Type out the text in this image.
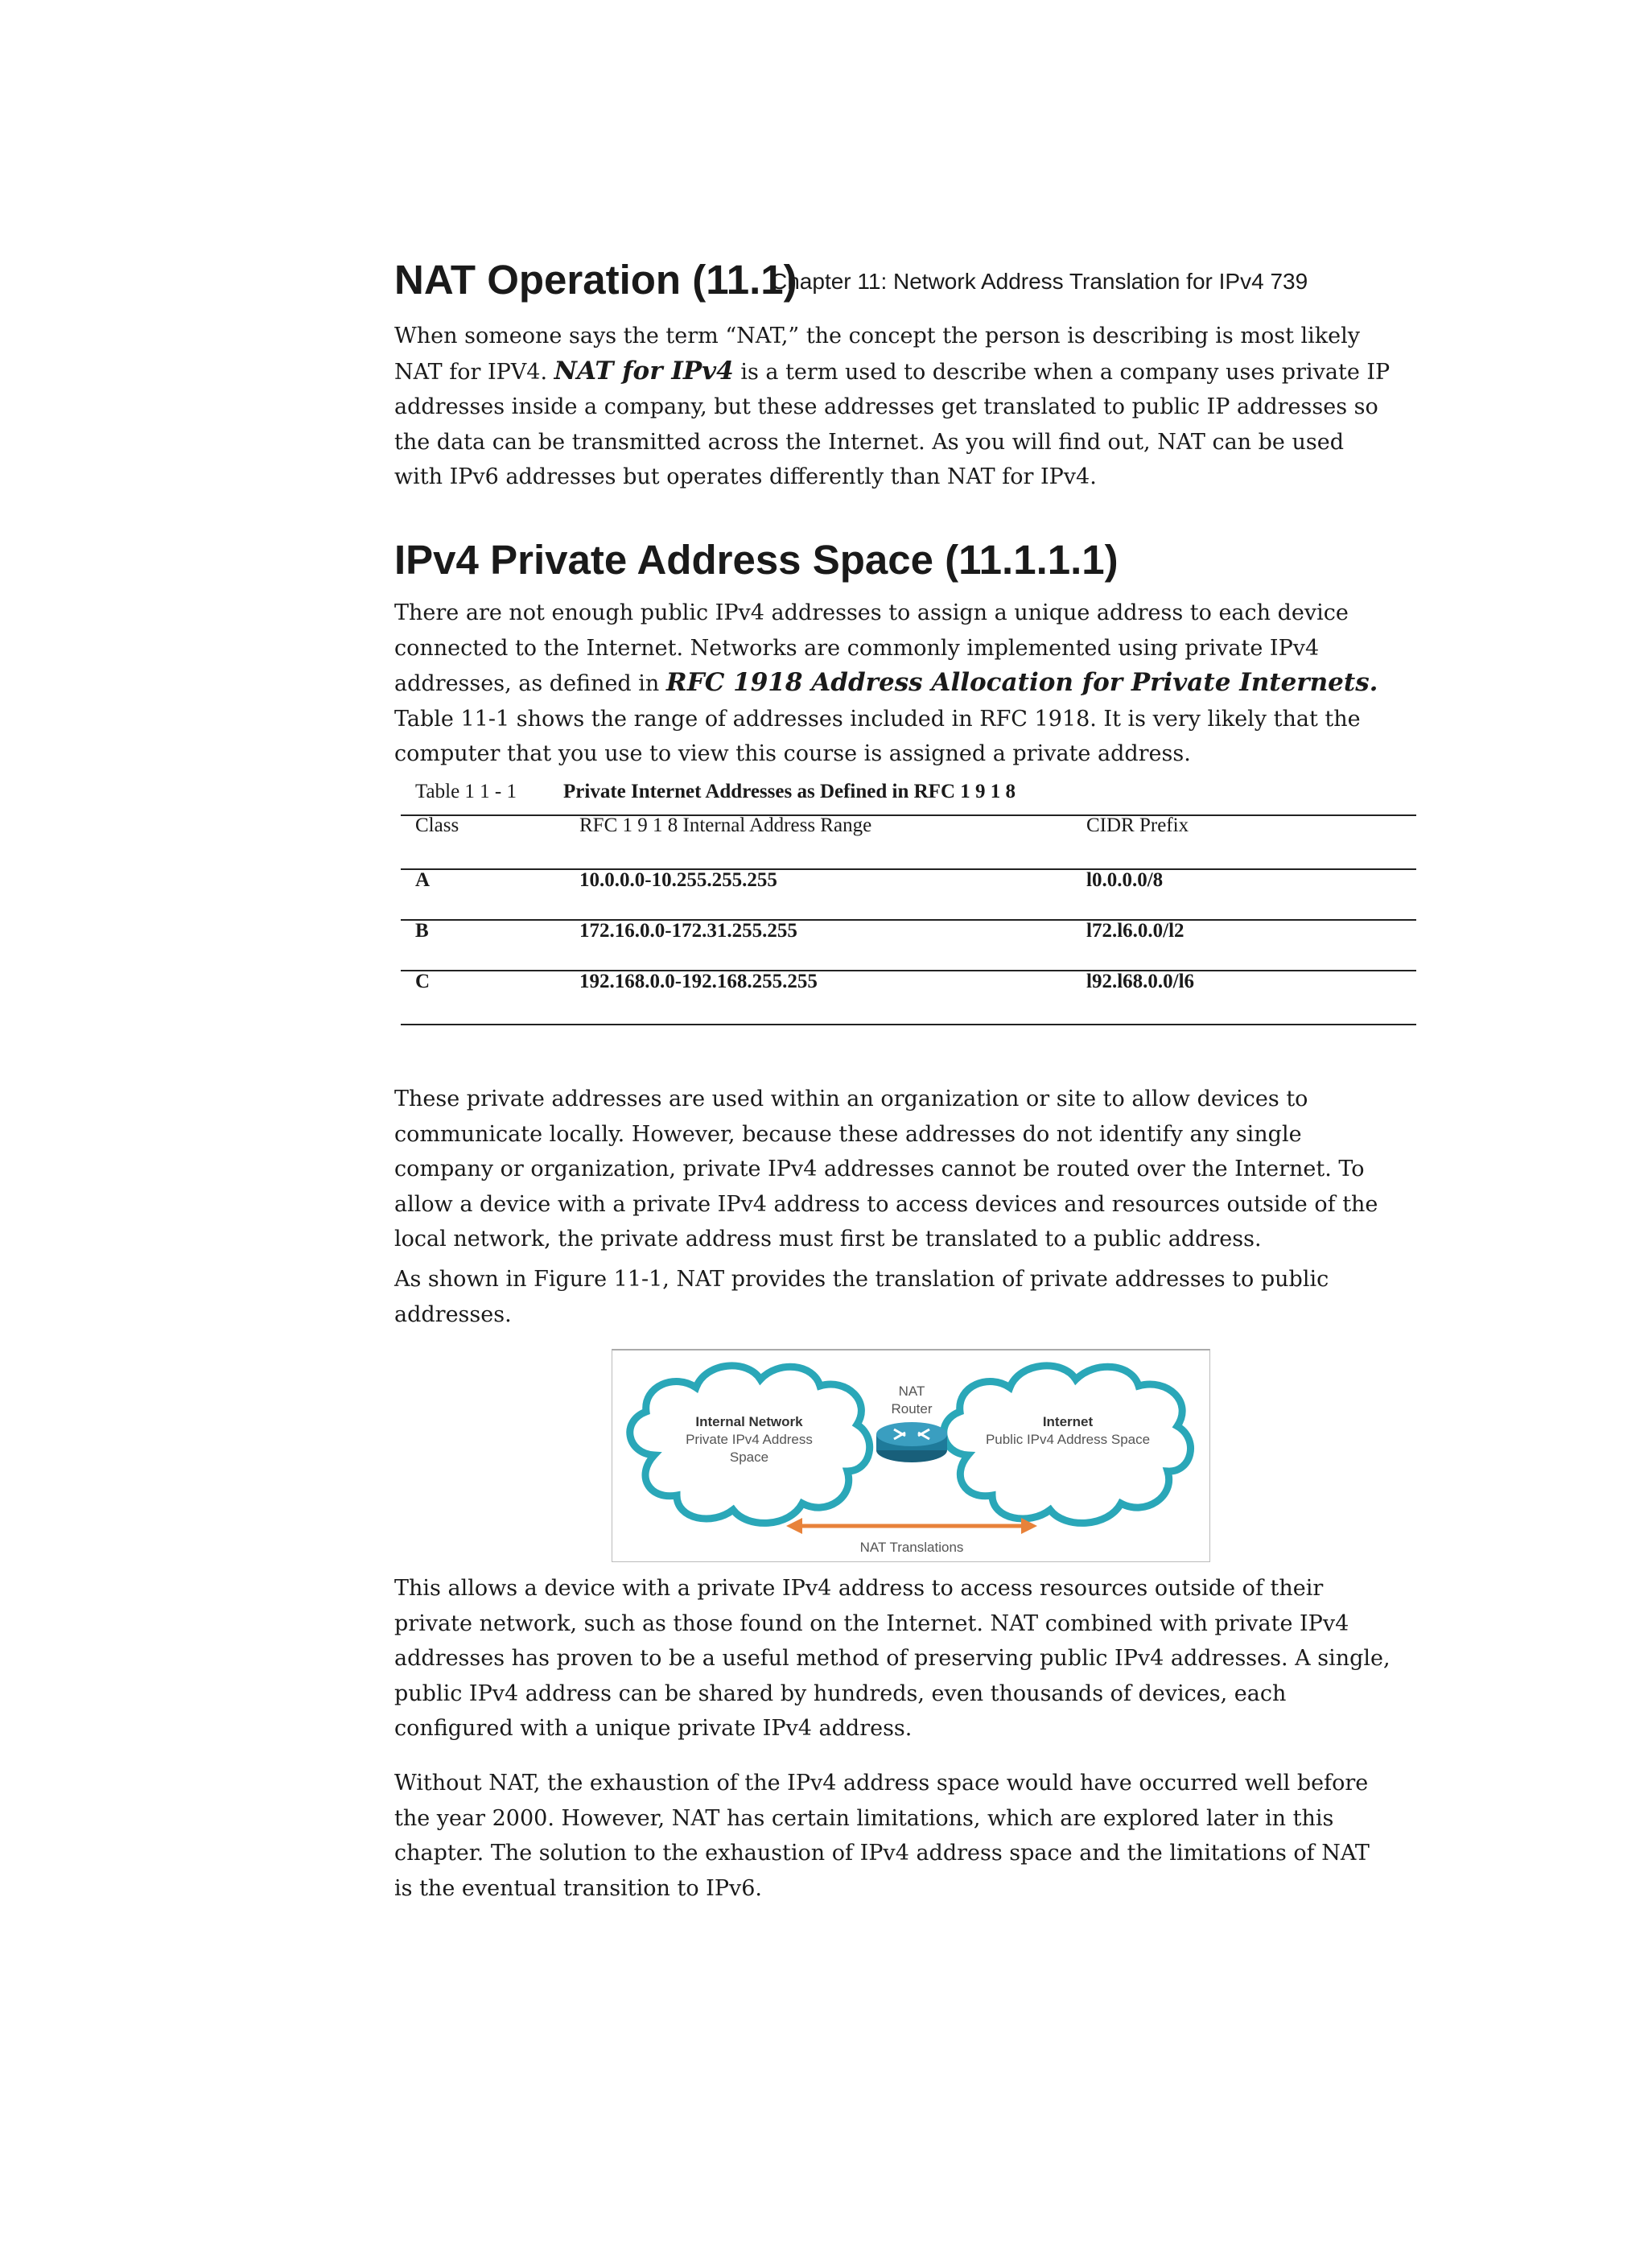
NAT Operation (11.1)
Chapter 11: Network Address Translation for IPv4 739

When someone says the term “NAT,” the concept the person is describing is most likely NAT for IPV4. NAT for IPv4 is a term used to describe when a company uses private IP addresses inside a company, but these addresses get translated to public IP addresses so the data can be transmitted across the Internet. As you will find out, NAT can be used with IPv6 addresses but operates differently than NAT for IPv4.

IPv4 Private Address Space (11.1.1.1)

There are not enough public IPv4 addresses to assign a unique address to each device connected to the Internet. Networks are commonly implemented using private IPv4 addresses, as defined in RFC 1918 Address Allocation for Private Internets. Table 11-1 shows the range of addresses included in RFC 1918. It is very likely that the computer that you use to view this course is assigned a private address.

Table 1 1 - 1 Private Internet Addresses as Defined in RFC 1 9 1 8
Class	RFC 1 9 1 8 Internal Address Range	CIDR Prefix
A	10.0.0.0-10.255.255.255	l0.0.0.0/8
B	172.16.0.0-172.31.255.255	l72.l6.0.0/l2
C	192.168.0.0-192.168.255.255	l92.l68.0.0/l6

These private addresses are used within an organization or site to allow devices to communicate locally. However, because these addresses do not identify any single company or organization, private IPv4 addresses cannot be routed over the Internet. To allow a device with a private IPv4 address to access devices and resources outside of the local network, the private address must first be translated to a public address.

As shown in Figure 11-1, NAT provides the translation of private addresses to public addresses.

Internal Network
Private IPv4 Address
Space
NAT
Router
Internet
Public IPv4 Address Space
NAT Translations

This allows a device with a private IPv4 address to access resources outside of their private network, such as those found on the Internet. NAT combined with private IPv4 addresses has proven to be a useful method of preserving public IPv4 addresses. A single, public IPv4 address can be shared by hundreds, even thousands of devices, each configured with a unique private IPv4 address.

Without NAT, the exhaustion of the IPv4 address space would have occurred well before the year 2000. However, NAT has certain limitations, which are explored later in this chapter. The solution to the exhaustion of IPv4 address space and the limitations of NAT is the eventual transition to IPv6.
